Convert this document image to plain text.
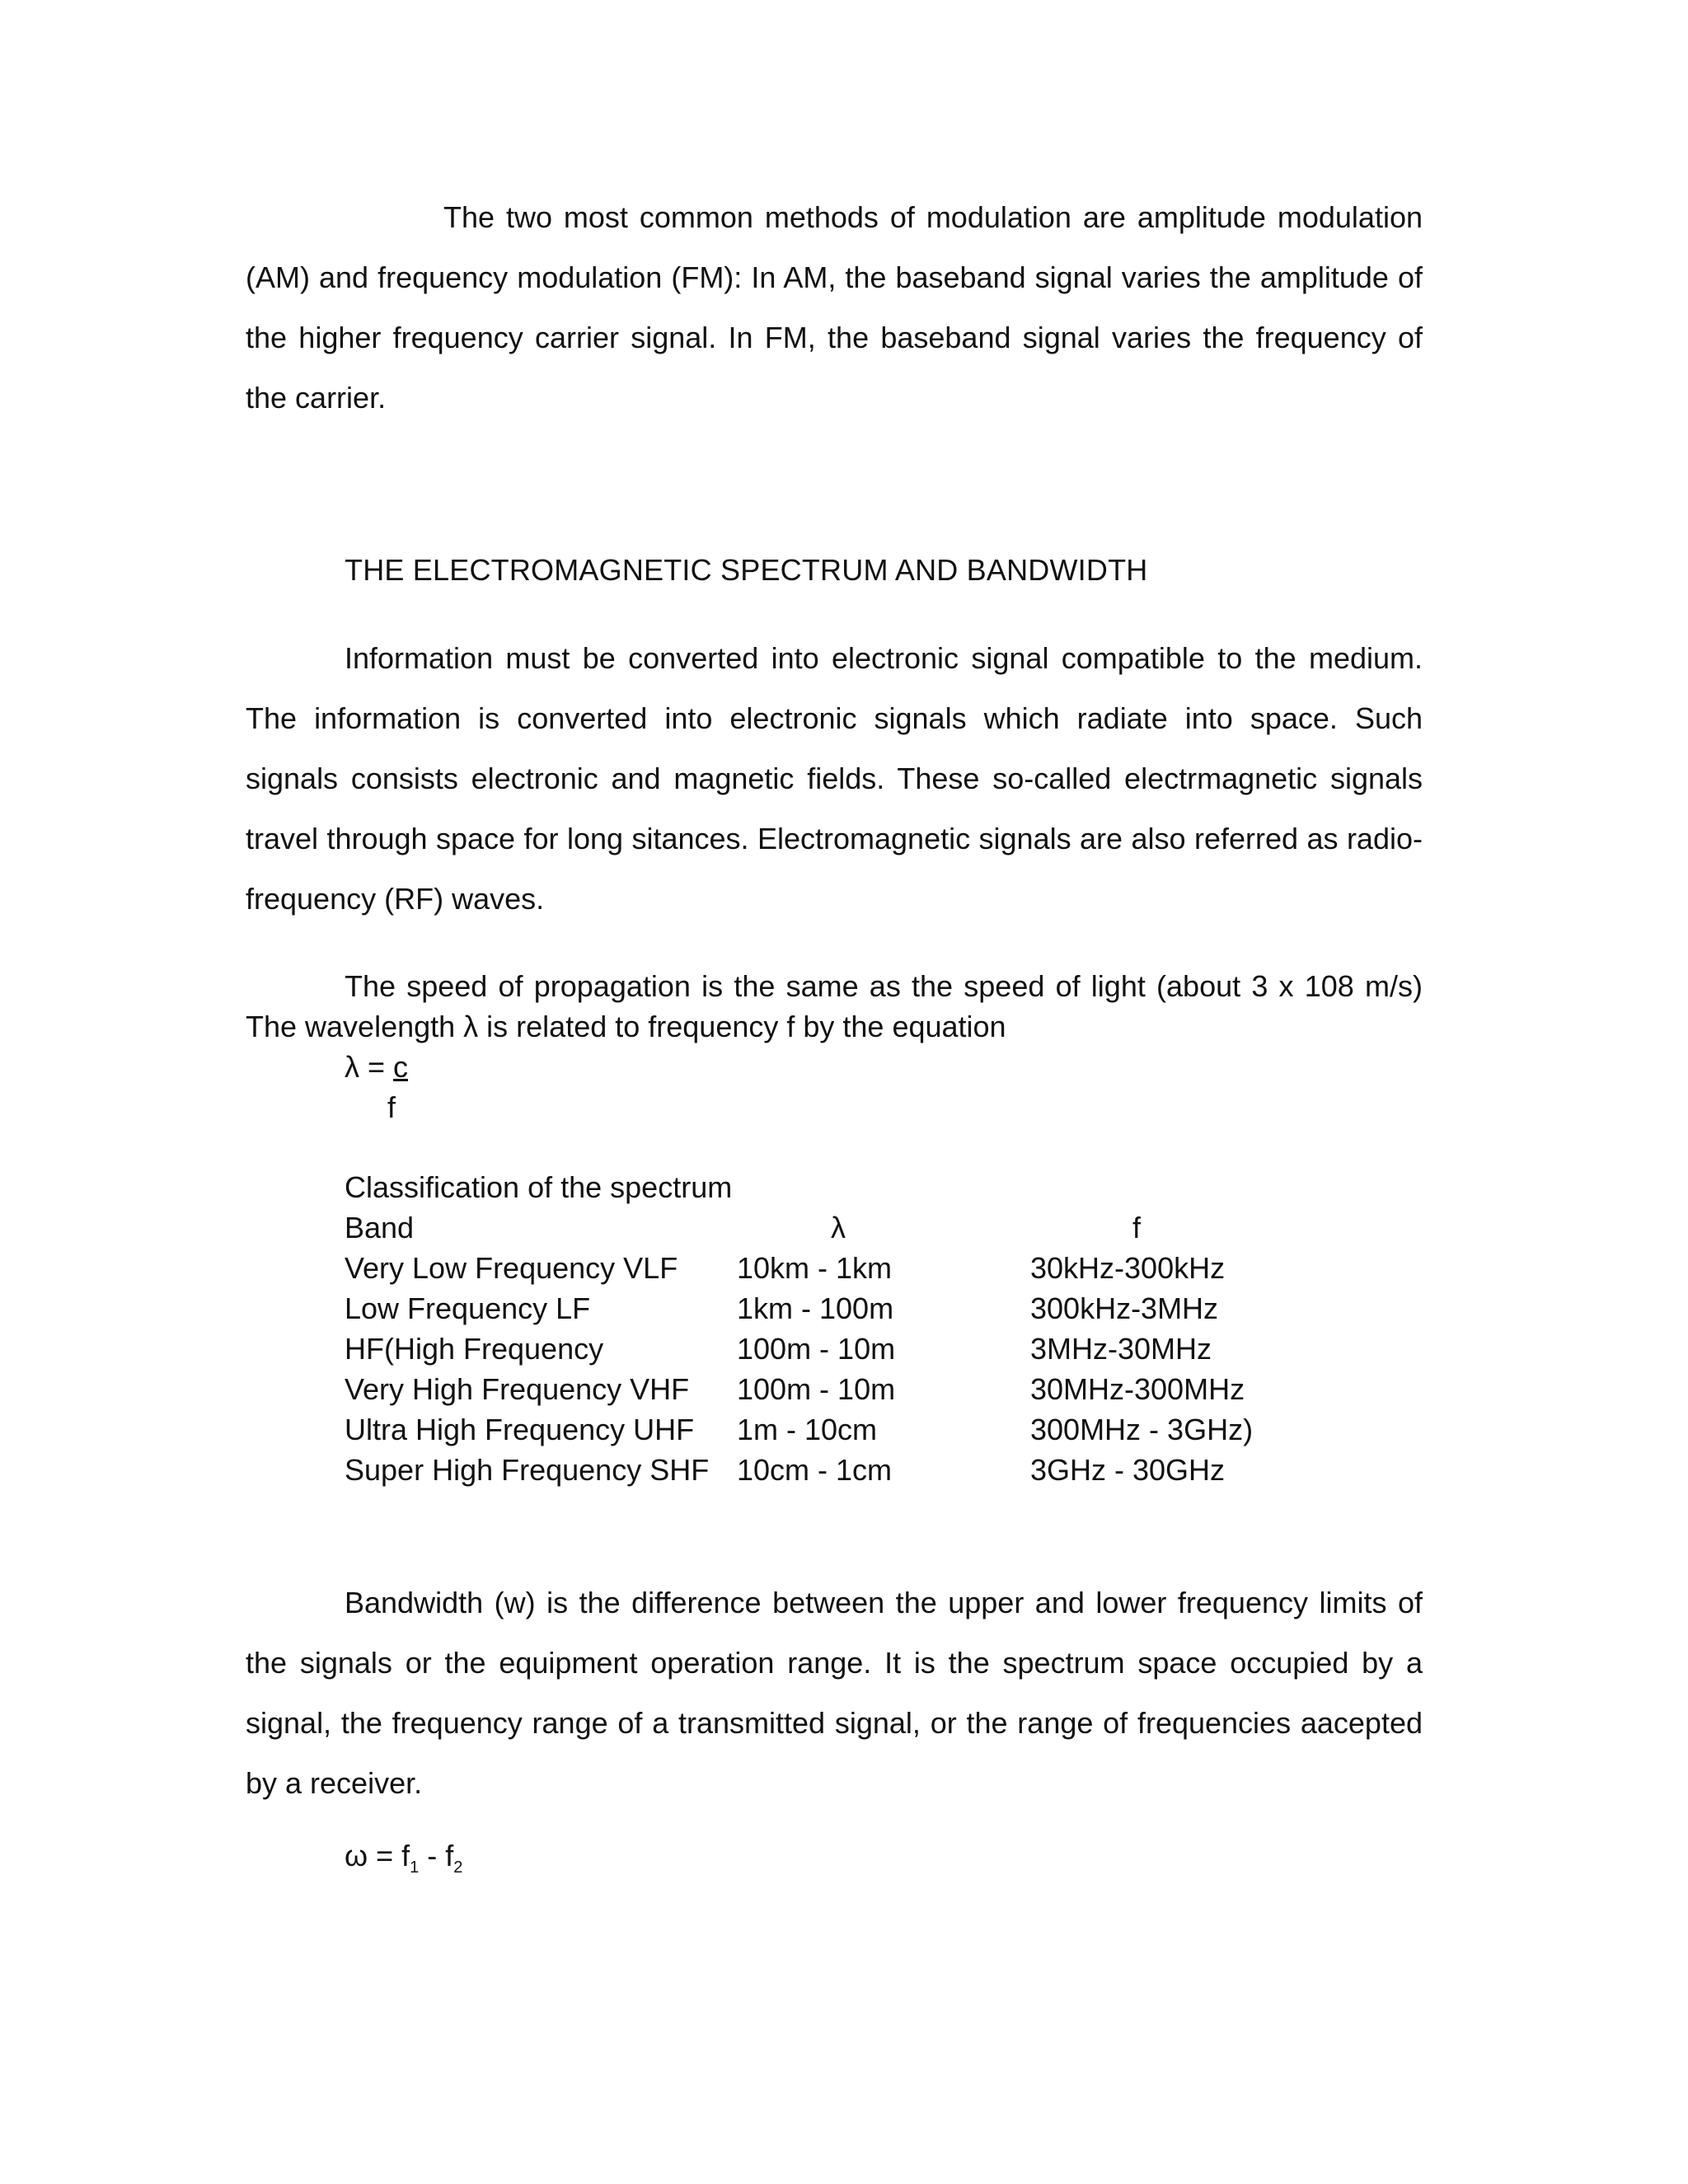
The two most common methods of modulation are amplitude modulation (AM) and frequency modulation (FM): In AM, the baseband signal varies the amplitude of the higher frequency carrier signal. In FM, the baseband signal varies the frequency of the carrier.

THE ELECTROMAGNETIC SPECTRUM AND BANDWIDTH

Information must be converted into electronic signal compatible to the medium. The information is converted into electronic signals which radiate into space. Such signals consists electronic and magnetic fields. These so-called electrmagnetic signals travel through space for long sitances. Electromagnetic signals are also referred as radio-frequency (RF) waves.

The speed of propagation is the same as the speed of light (about 3 x 108 m/s)
The wavelength λ is related to frequency f by the equation
λ = c
f

Classification of the spectrum

Band	λ	f
Very Low Frequency VLF 10km - 1km	30kHz-300kHz
Low Frequency LF	1km - 100m	300kHz-3MHz
HF(High Frequency	100m - 10m	3MHz-30MHz
Very High Frequency VHF 100m - 10m	30MHz-300MHz
Ultra High Frequency UHF 1m - 10cm	300MHz - 3GHz)
Super High Frequency SHF 10cm - 1cm	3GHz - 30GHz

Bandwidth (w) is the difference between the upper and lower frequency limits of the signals or the equipment operation range. It is the spectrum space occupied by a signal, the frequency range of a transmitted signal, or the range of frequencies aacepted by a receiver.

$\omega = f_1 - f_2$
